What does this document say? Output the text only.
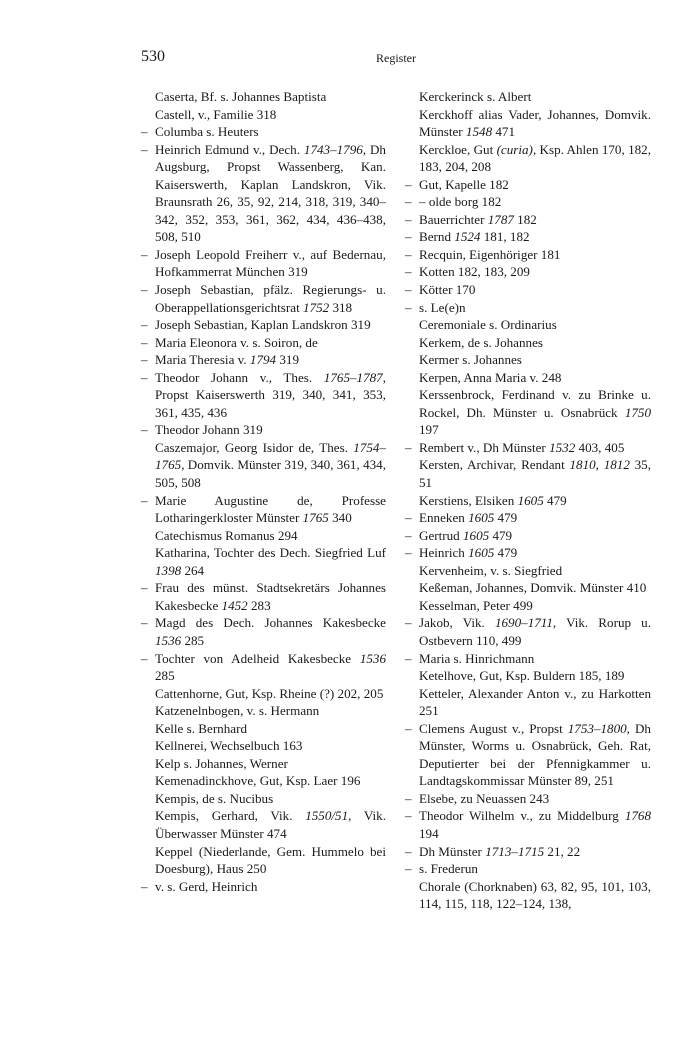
530	Register
Caserta, Bf. s. Johannes Baptista
Castell, v., Familie 318
– Columba s. Heuters
– Heinrich Edmund v., Dech. 1743–1796, Dh Augsburg, Propst Wassenberg, Kan. Kaiserswerth, Kaplan Landskron, Vik. Braunsrath 26, 35, 92, 214, 318, 319, 340–342, 352, 353, 361, 362, 434, 436–438, 508, 510
– Joseph Leopold Freiherr v., auf Bedernau, Hofkammerrat München 319
– Joseph Sebastian, pfälz. Regierungs- u. Oberappellationsgerichtsrat 1752 318
– Joseph Sebastian, Kaplan Landskron 319
– Maria Eleonora v. s. Soiron, de
– Maria Theresia v. 1794 319
– Theodor Johann v., Thes. 1765–1787, Propst Kaiserswerth 319, 340, 341, 353, 361, 435, 436
– Theodor Johann 319
Caszemajor, Georg Isidor de, Thes. 1754–1765, Domvik. Münster 319, 340, 361, 434, 505, 508
– Marie Augustine de, Professe Lotharingerkloster Münster 1765 340
Catechismus Romanus 294
Katharina, Tochter des Dech. Siegfried Luf 1398 264
– Frau des münst. Stadtsekretärs Johannes Kakesbecke 1452 283
– Magd des Dech. Johannes Kakesbecke 1536 285
– Tochter von Adelheid Kakesbecke 1536 285
Cattenhorne, Gut, Ksp. Rheine (?) 202, 205
Katzenelnbogen, v. s. Hermann
Kelle s. Bernhard
Kellnerei, Wechselbuch 163
Kelp s. Johannes, Werner
Kemenadinckhove, Gut, Ksp. Laer 196
Kempis, de s. Nucibus
Kempis, Gerhard, Vik. 1550/51, Vik. Überwasser Münster 474
Keppel (Niederlande, Gem. Hummelo bei Doesburg), Haus 250
– v. s. Gerd, Heinrich
Kerckerinck s. Albert
Kerckhoff alias Vader, Johannes, Domvik. Münster 1548 471
Kerckloe, Gut (curia), Ksp. Ahlen 170, 182, 183, 204, 208
– Gut, Kapelle 182
– – olde borg 182
– Bauerrichter 1787 182
– Bernd 1524 181, 182
– Recquin, Eigenhöriger 181
– Kotten 182, 183, 209
– Kötter 170
– s. Le(e)n
Ceremoniale s. Ordinarius
Kerkem, de s. Johannes
Kermer s. Johannes
Kerpen, Anna Maria v. 248
Kerssenbrock, Ferdinand v. zu Brinke u. Rockel, Dh. Münster u. Osnabrück 1750 197
– Rembert v., Dh Münster 1532 403, 405
Kersten, Archivar, Rendant 1810, 1812 35, 51
Kerstiens, Elsiken 1605 479
– Enneken 1605 479
– Gertrud 1605 479
– Heinrich 1605 479
Kervenheim, v. s. Siegfried
Keßeman, Johannes, Domvik. Münster 410
Kesselman, Peter 499
– Jakob, Vik. 1690–1711, Vik. Rorup u. Ostbevern 110, 499
– Maria s. Hinrichmann
Ketelhove, Gut, Ksp. Buldern 185, 189
Ketteler, Alexander Anton v., zu Harkotten 251
– Clemens August v., Propst 1753–1800, Dh Münster, Worms u. Osnabrück, Geh. Rat, Deputierter bei der Pfennigkammer u. Landtagskommissar Münster 89, 251
– Elsebe, zu Neuassen 243
– Theodor Wilhelm v., zu Middelburg 1768 194
– Dh Münster 1713–1715 21, 22
– s. Frederun
Chorale (Chorknaben) 63, 82, 95, 101, 103, 114, 115, 118, 122–124, 138,
